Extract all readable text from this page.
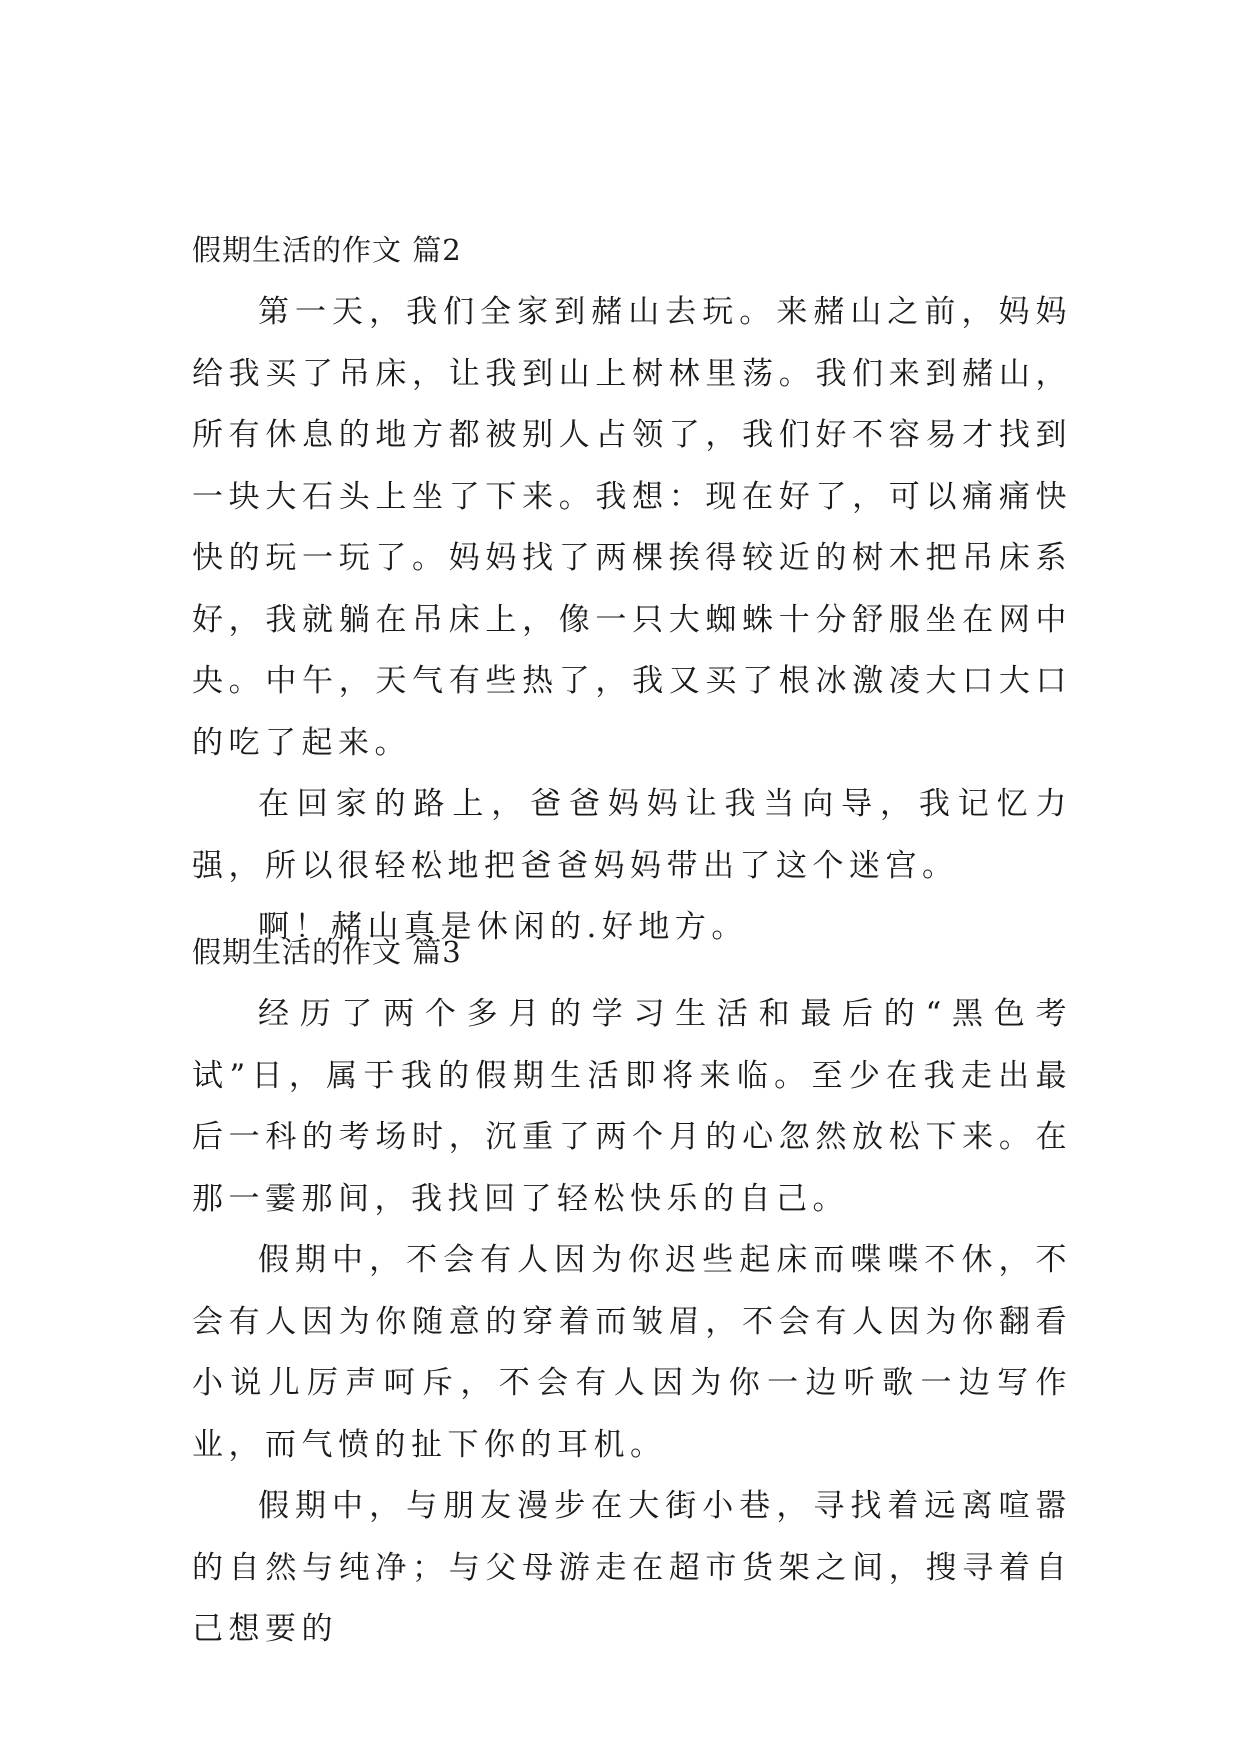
假期生活的作文 篇2

第一天，我们全家到赭山去玩。来赭山之前，妈妈给我买了吊床，让我到山上树林里荡。我们来到赭山，所有休息的地方都被别人占领了，我们好不容易才找到一块大石头上坐了下来。我想：现在好了，可以痛痛快快的玩一玩了。妈妈找了两棵挨得较近的树木把吊床系好，我就躺在吊床上，像一只大蜘蛛十分舒服坐在网中央。中午，天气有些热了，我又买了根冰激凌大口大口的吃了起来。

在回家的路上，爸爸妈妈让我当向导，我记忆力强，所以很轻松地把爸爸妈妈带出了这个迷宫。

啊！赭山真是休闲的.好地方。

假期生活的作文 篇3

经历了两个多月的学习生活和最后的“黑色考试”日，属于我的假期生活即将来临。至少在我走出最后一科的考场时，沉重了两个月的心忽然放松下来。在那一霎那间，我找回了轻松快乐的自己。

假期中，不会有人因为你迟些起床而喋喋不休，不会有人因为你随意的穿着而皱眉，不会有人因为你翻看小说儿厉声呵斥，不会有人因为你一边听歌一边写作业，而气愤的扯下你的耳机。

假期中，与朋友漫步在大街小巷，寻找着远离喧嚣的自然与纯净；与父母游走在超市货架之间，搜寻着自己想要的
